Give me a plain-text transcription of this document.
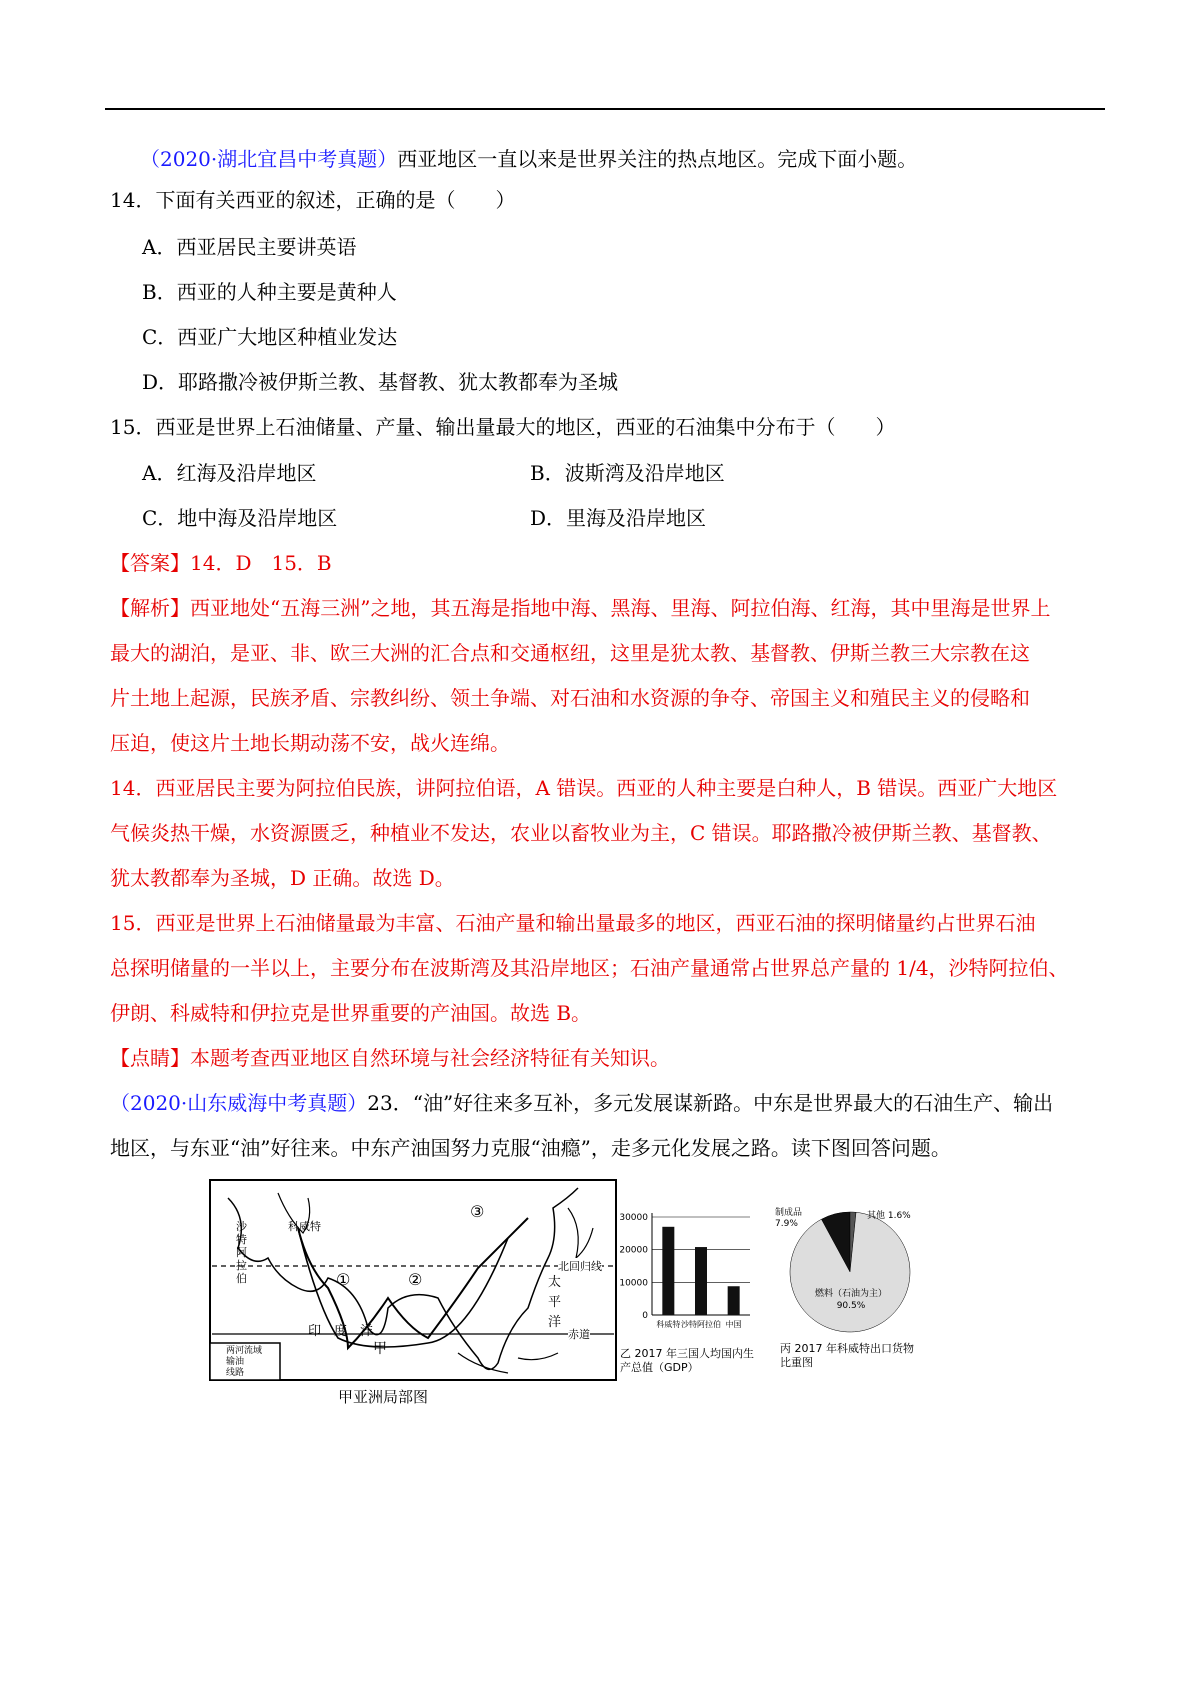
（2020·湖北宜昌中考真题）西亚地区一直以来是世界关注的热点地区。完成下面小题。
14．下面有关西亚的叙述，正确的是（　　）
A．西亚居民主要讲英语
B．西亚的人种主要是黄种人
C．西亚广大地区种植业发达
D．耶路撒冷被伊斯兰教、基督教、犹太教都奉为圣城
15．西亚是世界上石油储量、产量、输出量最大的地区，西亚的石油集中分布于（　　）
A．红海及沿岸地区	B．波斯湾及沿岸地区
C．地中海及沿岸地区	D．里海及沿岸地区
【答案】14．D　15．B
【解析】西亚地处“五海三洲”之地，其五海是指地中海、黑海、里海、阿拉伯海、红海，其中里海是世界上
最大的湖泊，是亚、非、欧三大洲的汇合点和交通枢纽，这里是犹太教、基督教、伊斯兰教三大宗教在这
片土地上起源，民族矛盾、宗教纠纷、领土争端、对石油和水资源的争夺、帝国主义和殖民主义的侵略和
压迫，使这片土地长期动荡不安，战火连绵。
14．西亚居民主要为阿拉伯民族，讲阿拉伯语，A 错误。西亚的人种主要是白种人，B 错误。西亚广大地区
气候炎热干燥，水资源匮乏，种植业不发达，农业以畜牧业为主，C 错误。耶路撒冷被伊斯兰教、基督教、
犹太教都奉为圣城，D 正确。故选 D。
15．西亚是世界上石油储量最为丰富、石油产量和输出量最多的地区，西亚石油的探明储量约占世界石油
总探明储量的一半以上，主要分布在波斯湾及其沿岸地区；石油产量通常占世界总产量的 1/4，沙特阿拉伯、
伊朗、科威特和伊拉克是世界重要的产油国。故选 B。
【点睛】本题考查西亚地区自然环境与社会经济特征有关知识。
（2020·山东威海中考真题）23．“油”好往来多互补，多元发展谋新路。中东是世界最大的石油生产、输出
地区，与东亚“油”好往来。中东产油国努力克服“油瘾”，走多元化发展之路。读下图回答问题。
科威特
沙
特
阿
拉
伯
北回归线
赤道
印　度　洋
太
平
洋
甲
①	②
③
两河流域
输油
线路
甲亚洲局部图
0
10000
20000
30000
科威特 沙特阿拉伯 中国
乙 2017 年三国人均国内生产总值（GDP）
燃料（石油为主）
90.5%
制成品
7.9%
其他 1.6%
丙 2017 年科威特出口货物比重图
